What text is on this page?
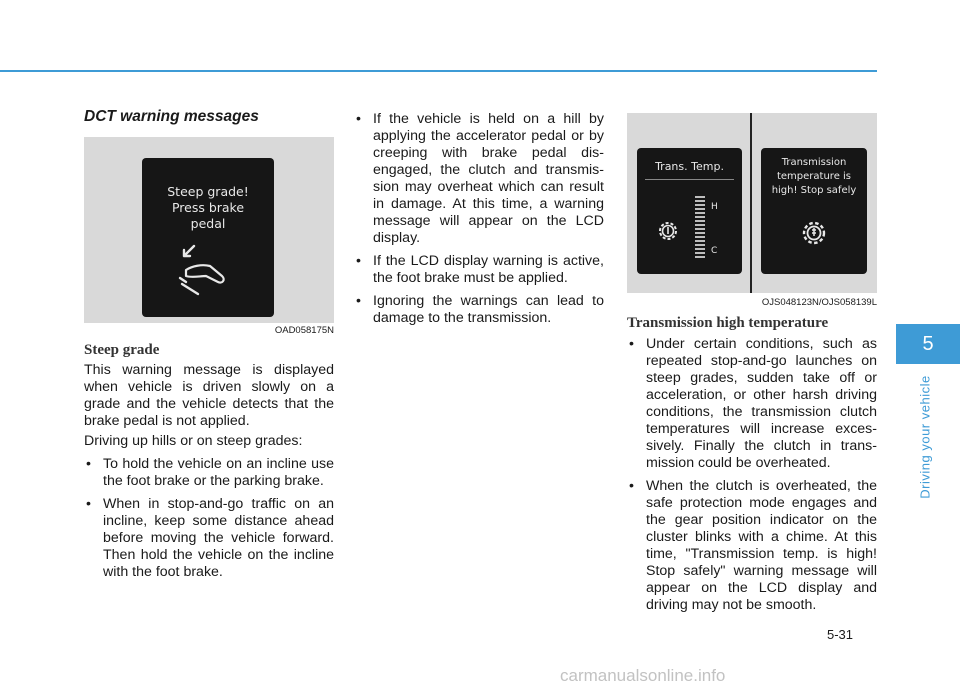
DCT warning messages
Steep grade!
Press brake
pedal
OAD058175N
Steep grade

This warning message is displayed when vehicle is driven slowly on a grade and the vehicle detects that the brake pedal is not applied.

Driving up hills or on steep grades:

• To hold the vehicle on an incline use the foot brake or the parking brake.
• When in stop-and-go traffic on an incline, keep some distance ahead before moving the vehicle forward. Then hold the vehicle on the incline with the foot brake.
• If the vehicle is held on a hill by applying the accelerator pedal or by creeping with brake pedal dis-engaged, the clutch and transmis-sion may overheat which can result in damage. At this time, a warning message will appear on the LCD display.
• If the LCD display warning is active, the foot brake must be applied.
• Ignoring the warnings can lead to damage to the transmission.
Trans. Temp.
H
C
Transmission
temperature is
high! Stop safely
OJS048123N/OJS058139L
Transmission high temperature
• Under certain conditions, such as repeated stop-and-go launches on steep grades, sudden take off or acceleration, or other harsh driving conditions, the transmission clutch temperatures will increase exces-sively. Finally the clutch in trans-mission could be overheated.
• When the clutch is overheated, the safe protection mode engages and the gear position indicator on the cluster blinks with a chime. At this time, "Transmission temp. is high! Stop safely" warning message will appear on the LCD display and driving may not be smooth.
5
Driving your vehicle
5-31
carmanualsonline.info
